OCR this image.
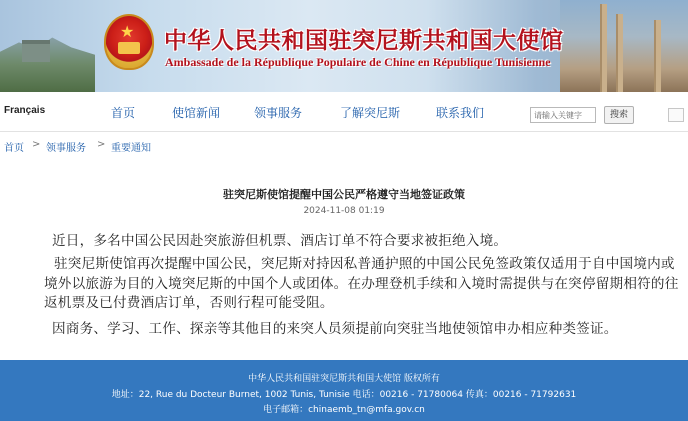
★ 中华人民共和国驻突尼斯共和国大使馆
Ambassade de la République Populaire de Chine en République Tunisienne
Français	首页	使馆新闻	领事服务	了解突尼斯	联系我们	请输入关键字	搜索
首页 > 领事服务 > 重要通知
驻突尼斯使馆提醒中国公民严格遵守当地签证政策
2024-11-08 01:19
近日，多名中国公民因赴突旅游但机票、酒店订单不符合要求被拒绝入境。
驻突尼斯使馆再次提醒中国公民，突尼斯对持因私普通护照的中国公民免签政策仅适用于自中国境内或境外以旅游为目的入境突尼斯的中国个人或团体。在办理登机手续和入境时需提供与在突停留期相符的往返机票及已付费酒店订单，否则行程可能受阻。
因商务、学习、工作、探亲等其他目的来突人员须提前向突驻当地使领馆申办相应种类签证。
中华人民共和国驻突尼斯共和国大使馆 版权所有
地址：22, Rue du Docteur Burnet, 1002 Tunis, Tunisie 电话：00216 - 71780064 传真：00216 - 71792631
电子邮箱：chinaemb_tn@mfa.gov.cn
